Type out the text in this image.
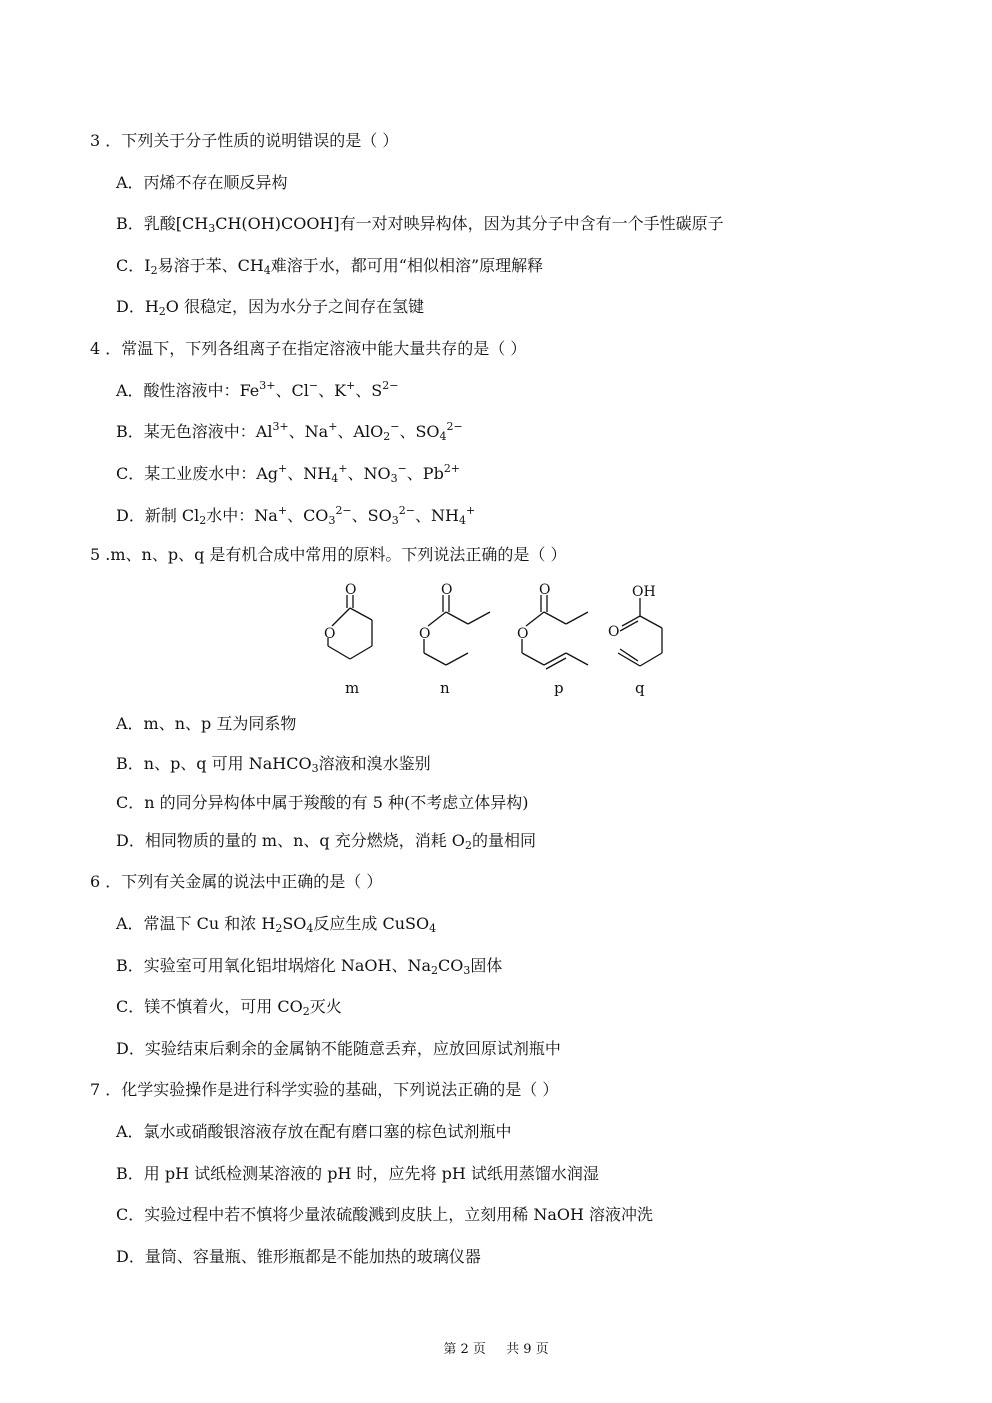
3 ．下列关于分子性质的说明错误的是（ ）
A．丙烯不存在顺反异构
B．乳酸$[CH_3CH(OH)COOH]$有一对对映异构体，因为其分子中含有一个手性碳原子
C．$I_2$易溶于苯、$CH_4$难溶于水，都可用“相似相溶”原理解释
D．$H_2O$ 很稳定，因为水分子之间存在氢键
4 ．常温下，下列各组离子在指定溶液中能大量共存的是（ ）
A．酸性溶液中：$Fe^{3+}$、Cl−、K+、$S^{2-}$
B．某无色溶液中：$Al^{3+}$、Na+、AlO$_2$−、$SO_4^{2-}$
C．某工业废水中：Ag+、$NH_4^+$、$NO_3^-$、$Pb^{2+}$
D．新制 $Cl_2$水中：Na+、$CO_3^{2-}$、$SO_3^{2-}$、$NH_4^+$
5 .m、n、p、q 是有机合成中常用的原料。下列说法正确的是（ ）
O
O
O
O
O
O	OH
O
m	n	p	q
A．m、n、p 互为同系物
B．n、p、q 可用 NaHCO$_3$溶液和溴水鉴别
C．n 的同分异构体中属于羧酸的有 5 种(不考虑立体异构)
D．相同物质的量的 m、n、q 充分燃烧，消耗 $O_2$的量相同
6 ．下列有关金属的说法中正确的是（ ）
A．常温下 Cu 和浓 $H_2SO_4$反应生成 CuSO$_4$
B．实验室可用氧化铝坩埚熔化 NaOH、$Na_2CO_3$固体
C．镁不慎着火，可用 $CO_2$灭火
D．实验结束后剩余的金属钠不能随意丢弃，应放回原试剂瓶中
7 ．化学实验操作是进行科学实验的基础，下列说法正确的是（ ）
A．氯水或硝酸银溶液存放在配有磨口塞的棕色试剂瓶中
B．用 pH 试纸检测某溶液的 pH 时，应先将 pH 试纸用蒸馏水润湿
C．实验过程中若不慎将少量浓硫酸溅到皮肤上，立刻用稀 NaOH 溶液冲洗
D．量筒、容量瓶、锥形瓶都是不能加热的玻璃仪器
第 2 页 共 9 页
